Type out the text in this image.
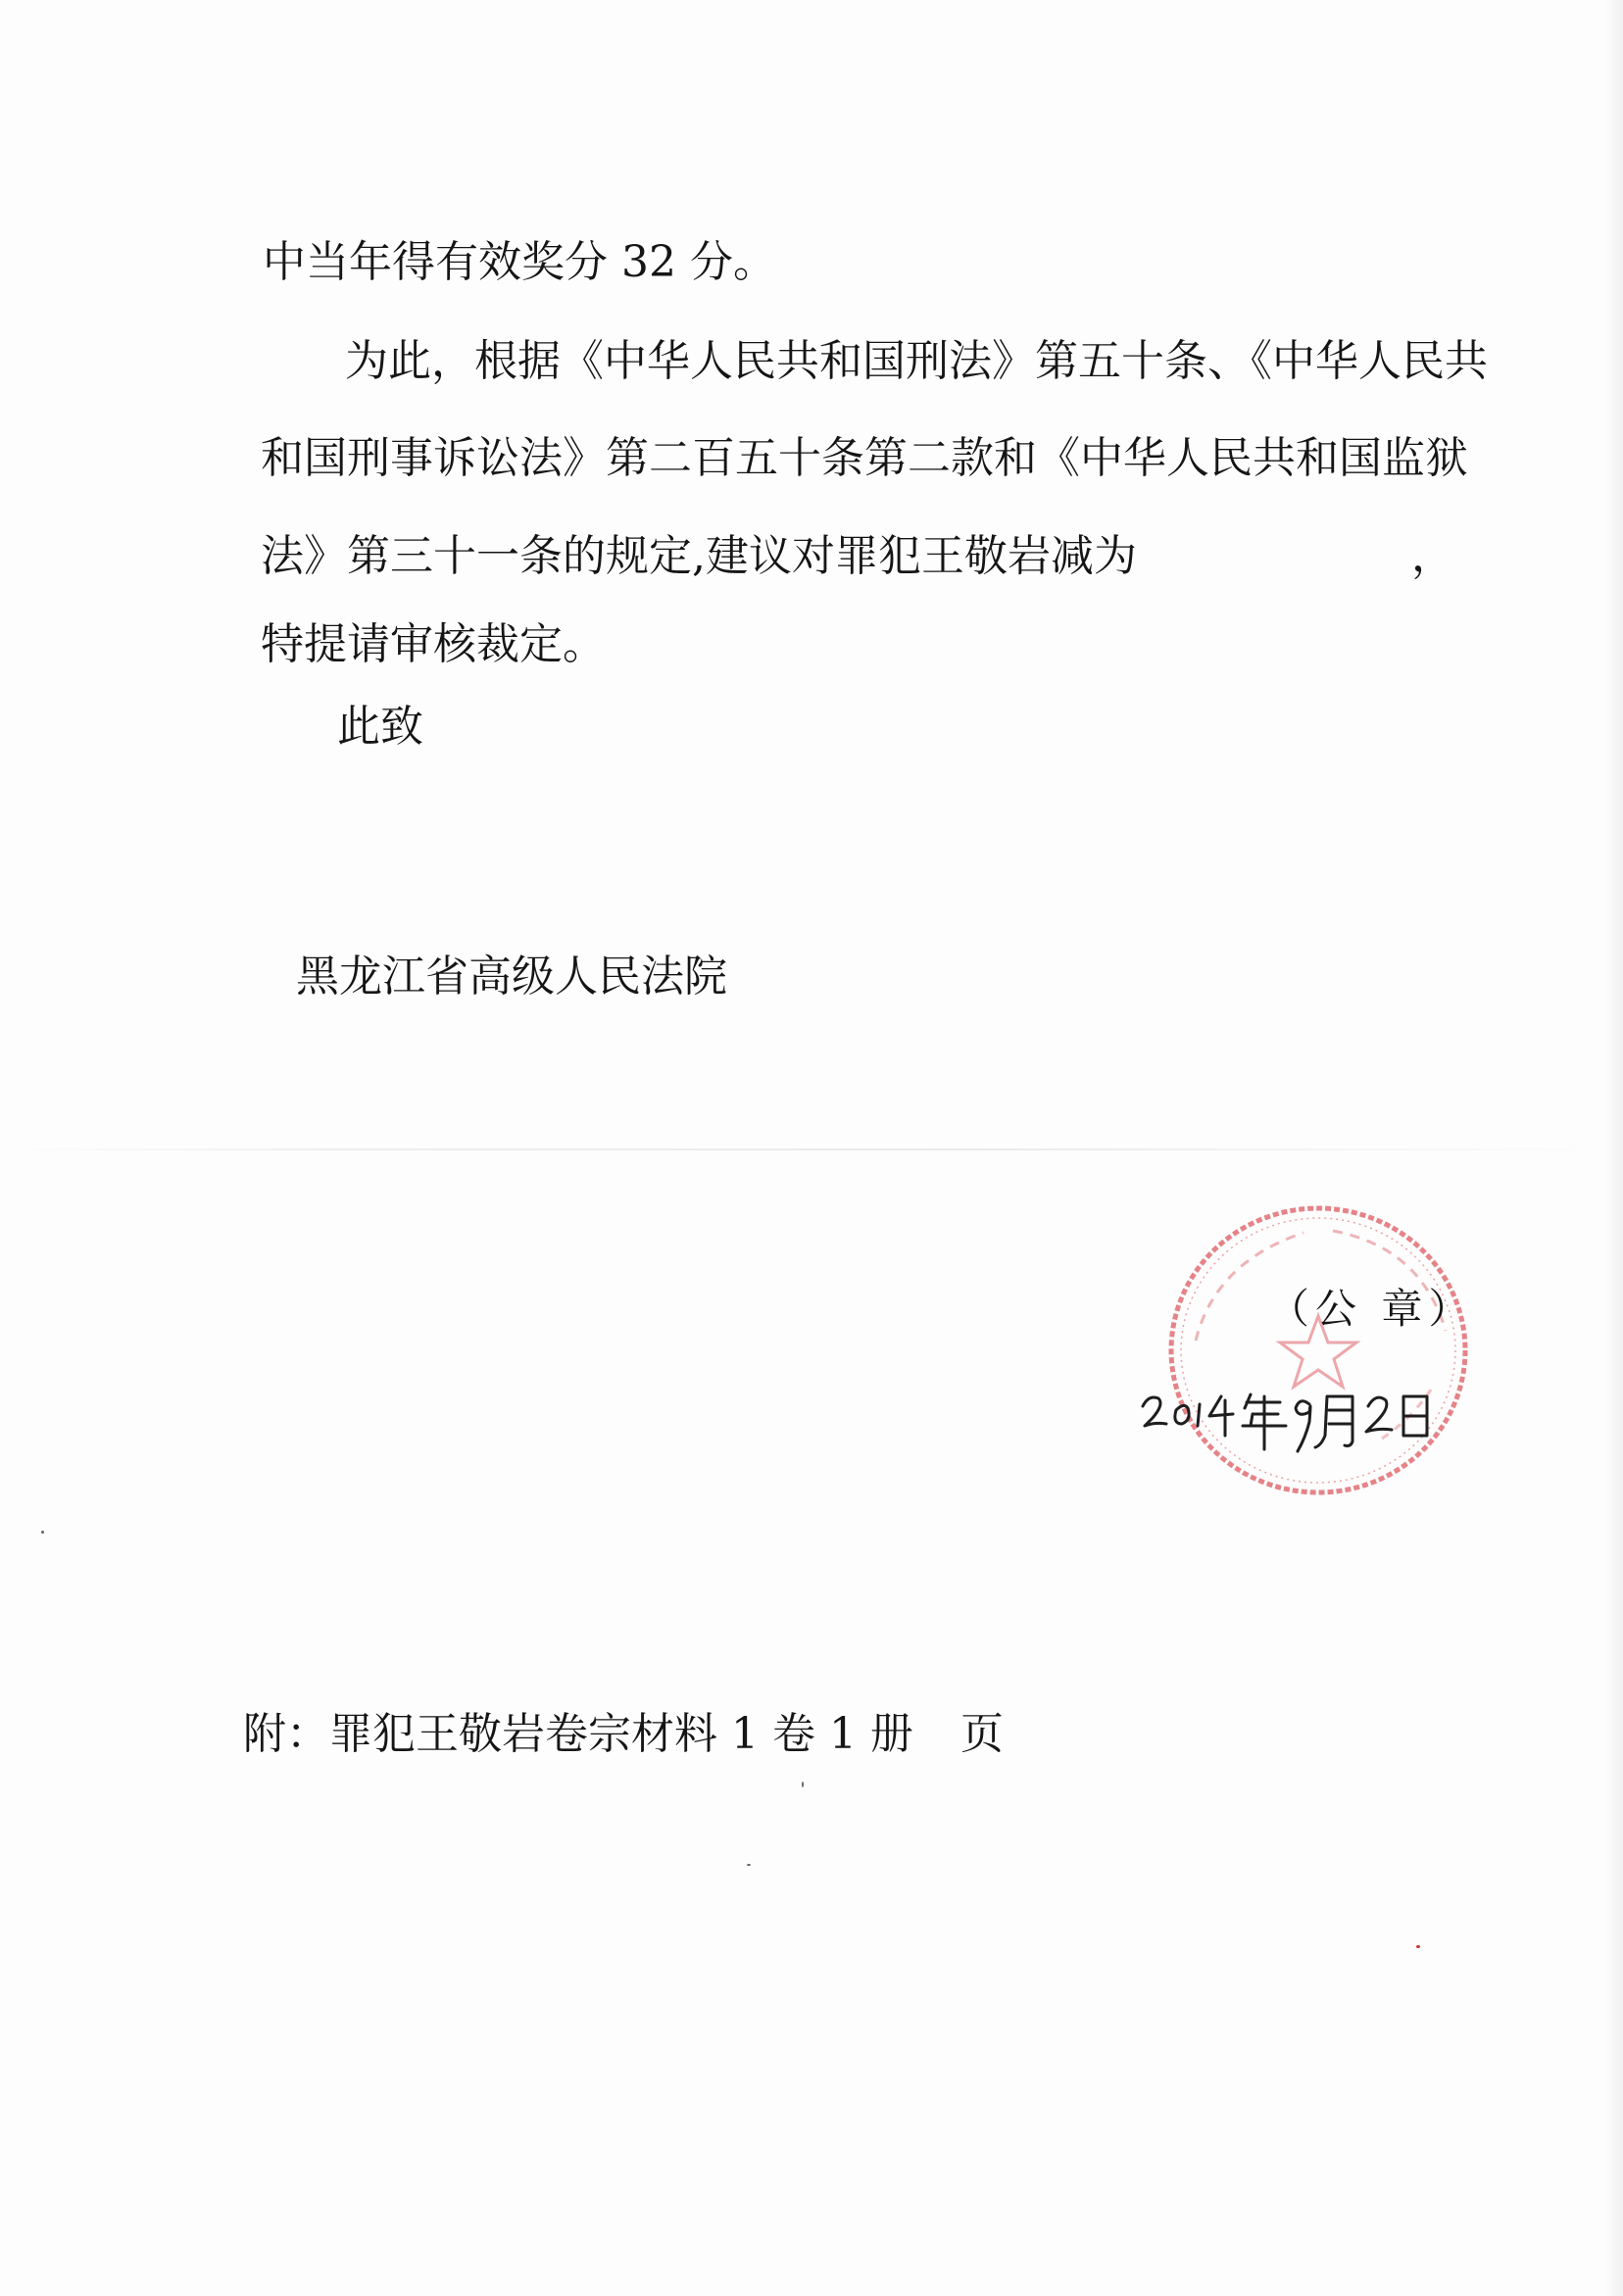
中当年得有效奖分 32 分。
为此，根据《中华人民共和国刑法》第五十条、《中华人民共
和国刑事诉讼法》第二百五十条第二款和《中华人民共和国监狱
法》第三十一条的规定,建议对罪犯王敬岩减为	，
特提请审核裁定。
此致
黑龙江省高级人民法院
（公 章）
附：罪犯王敬岩卷宗材料 1 卷 1 册 页
